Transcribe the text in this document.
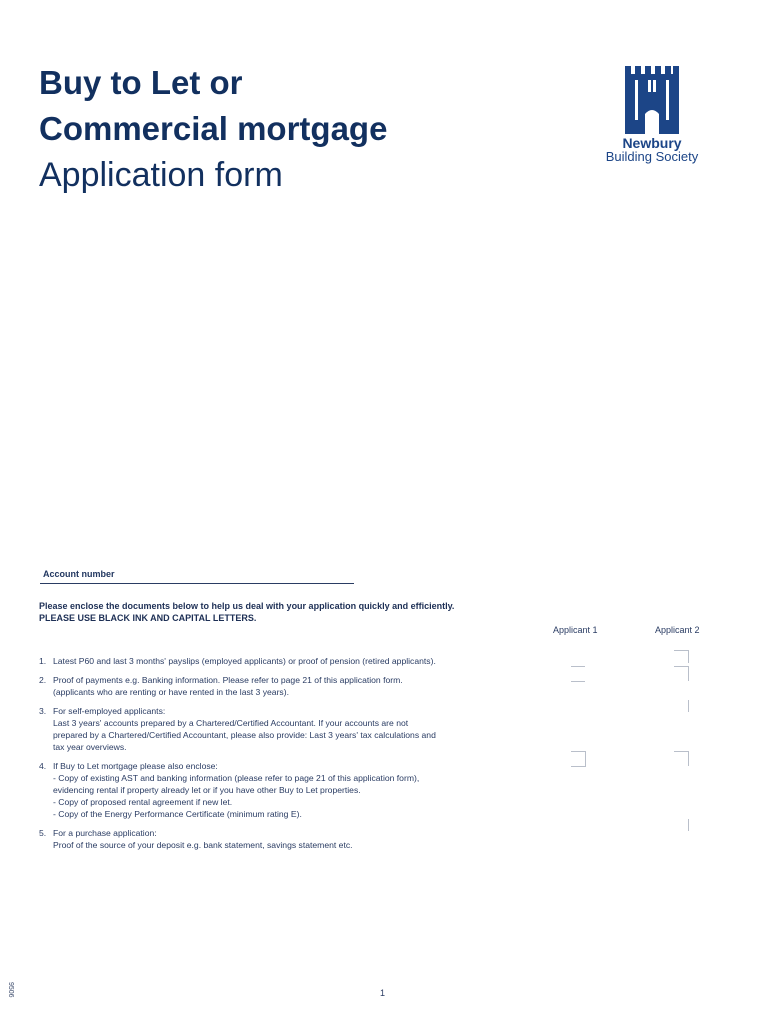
Buy to Let or
Commercial mortgage
Application form
Newbury
Building Society
Account number
Please enclose the documents below to help us deal with your application quickly and efficiently.
PLEASE USE BLACK INK AND CAPITAL LETTERS.
Applicant 1	Applicant 2
1. Latest P60 and last 3 months' payslips (employed applicants) or proof of pension (retired applicants).
2. Proof of payments e.g. Banking information. Please refer to page 21 of this application form.
(applicants who are renting or have rented in the last 3 years).
3. For self-employed applicants:
Last 3 years' accounts prepared by a Chartered/Certified Accountant. If your accounts are not
prepared by a Chartered/Certified Accountant, please also provide: Last 3 years' tax calculations and
tax year overviews.
4. If Buy to Let mortgage please also enclose:
- Copy of existing AST and banking information (please refer to page 21 of this application form),
evidencing rental if property already let or if you have other Buy to Let properties.
- Copy of proposed rental agreement if new let.
- Copy of the Energy Performance Certificate (minimum rating E).
5. For a purchase application:
Proof of the source of your deposit e.g. bank statement, savings statement etc.
9506	1
